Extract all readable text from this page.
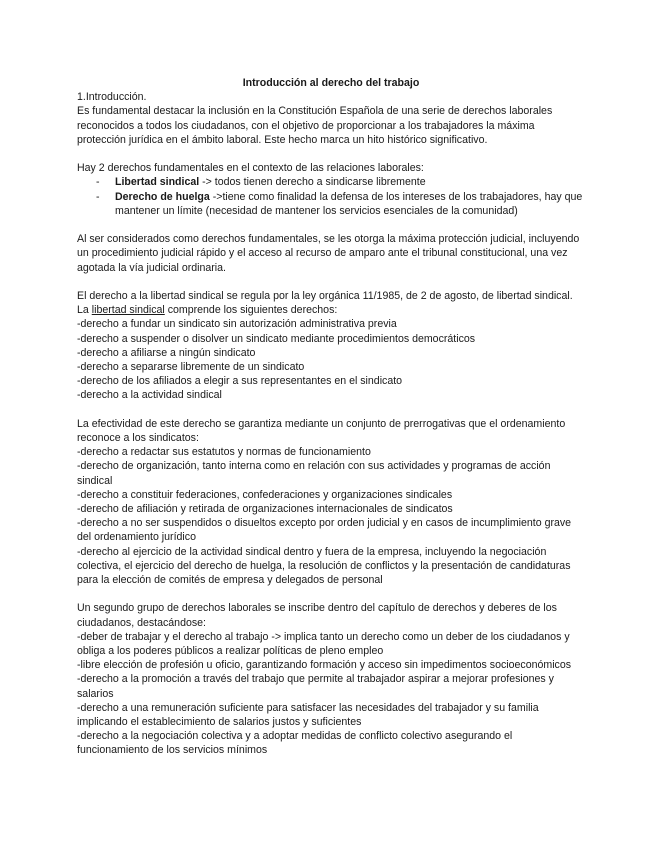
Introducción al derecho del trabajo

1.Introducción.

Es fundamental destacar la inclusión en la Constitución Española de una serie de derechos laborales reconocidos a todos los ciudadanos, con el objetivo de proporcionar a los trabajadores la máxima protección jurídica en el ámbito laboral. Este hecho marca un hito histórico significativo.

Hay 2 derechos fundamentales en el contexto de las relaciones laborales:

- Libertad sindical -> todos tienen derecho a sindicarse libremente
- Derecho de huelga ->tiene como finalidad la defensa de los intereses de los trabajadores, hay que mantener un límite (necesidad de mantener los servicios esenciales de la comunidad)

Al ser considerados como derechos fundamentales, se les otorga la máxima protección judicial, incluyendo un procedimiento judicial rápido y el acceso al recurso de amparo ante el tribunal constitucional, una vez agotada la vía judicial ordinaria.

El derecho a la libertad sindical se regula por la ley orgánica 11/1985, de 2 de agosto, de libertad sindical. La libertad sindical comprende los siguientes derechos:

-derecho a fundar un sindicato sin autorización administrativa previa

-derecho a suspender o disolver un sindicato mediante procedimientos democráticos

-derecho a afiliarse a ningún sindicato

-derecho a separarse libremente de un sindicato

-derecho de los afiliados a elegir a sus representantes en el sindicato

-derecho a la actividad sindical

La efectividad de este derecho se garantiza mediante un conjunto de prerrogativas que el ordenamiento reconoce a los sindicatos:

-derecho a redactar sus estatutos y normas de funcionamiento

-derecho de organización, tanto interna como en relación con sus actividades y programas de acción sindical

-derecho a constituir federaciones, confederaciones y organizaciones sindicales

-derecho de afiliación y retirada de organizaciones internacionales de sindicatos

-derecho a no ser suspendidos o disueltos excepto por orden judicial y en casos de incumplimiento grave del ordenamiento jurídico

-derecho al ejercicio de la actividad sindical dentro y fuera de la empresa, incluyendo la negociación colectiva, el ejercicio del derecho de huelga, la resolución de conflictos y la presentación de candidaturas para la elección de comités de empresa y delegados de personal

Un segundo grupo de derechos laborales se inscribe dentro del capítulo de derechos y deberes de los ciudadanos, destacándose:

-deber de trabajar y el derecho al trabajo -> implica tanto un derecho como un deber de los ciudadanos y obliga a los poderes públicos a realizar políticas de pleno empleo

-libre elección de profesión u oficio, garantizando formación y acceso sin impedimentos socioeconómicos

-derecho a la promoción a través del trabajo que permite al trabajador aspirar a mejorar profesiones y salarios

-derecho a una remuneración suficiente para satisfacer las necesidades del trabajador y su familia implicando el establecimiento de salarios justos y suficientes

-derecho a la negociación colectiva y a adoptar medidas de conflicto colectivo asegurando el funcionamiento de los servicios mínimos
